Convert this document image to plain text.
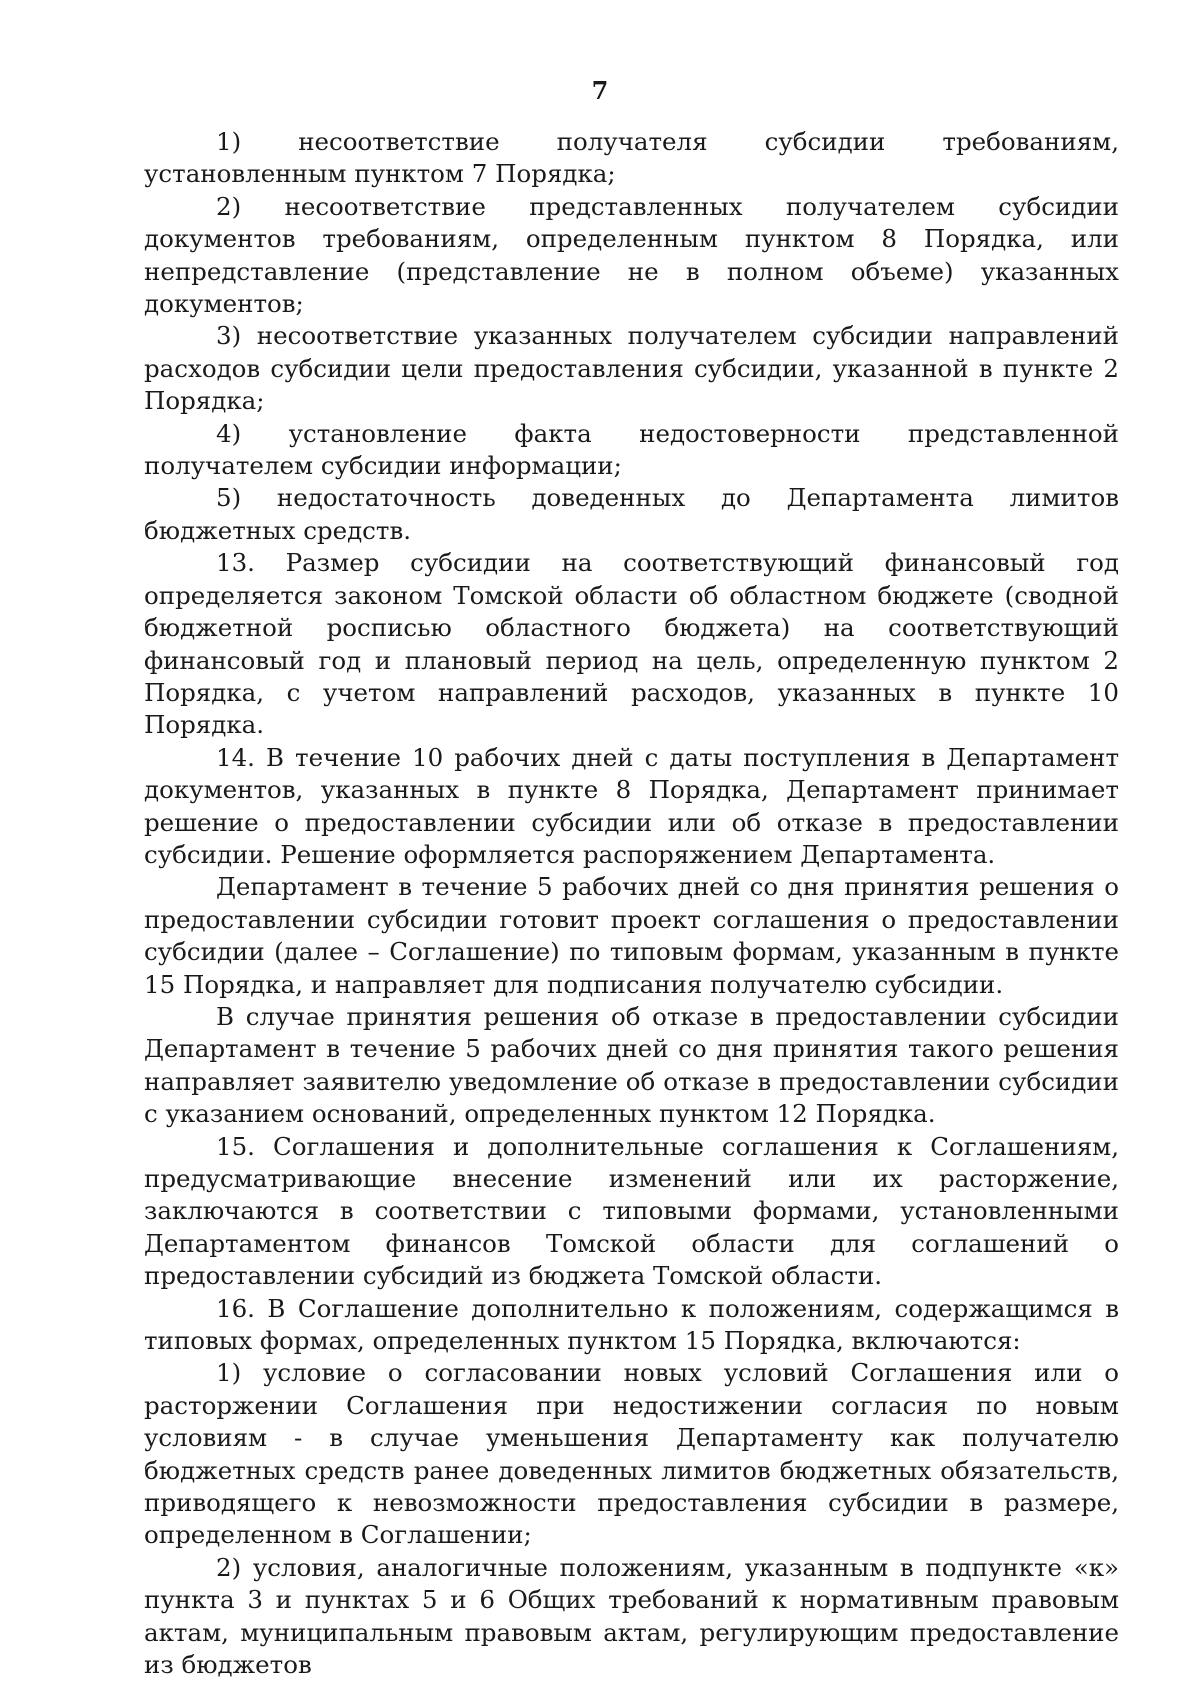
7

1) несоответствие получателя субсидии требованиям, установленным пунктом 7 Порядка;

2) несоответствие представленных получателем субсидии документов требованиям, определенным пунктом 8 Порядка, или непредставление (представление не в полном объеме) указанных документов;

3) несоответствие указанных получателем субсидии направлений расходов субсидии цели предоставления субсидии, указанной в пункте 2 Порядка;

4) установление факта недостоверности представленной получателем субсидии информации;

5) недостаточность доведенных до Департамента лимитов бюджетных средств.

13. Размер субсидии на соответствующий финансовый год определяется законом Томской области об областном бюджете (сводной бюджетной росписью областного бюджета) на соответствующий финансовый год и плановый период на цель, определенную пунктом 2 Порядка, с учетом направлений расходов, указанных в пункте 10 Порядка.

14. В течение 10 рабочих дней с даты поступления в Департамент документов, указанных в пункте 8 Порядка, Департамент принимает решение о предоставлении субсидии или об отказе в предоставлении субсидии. Решение оформляется распоряжением Департамента.

Департамент в течение 5 рабочих дней со дня принятия решения о предоставлении субсидии готовит проект соглашения о предоставлении субсидии (далее – Соглашение) по типовым формам, указанным в пункте 15 Порядка, и направляет для подписания получателю субсидии.

В случае принятия решения об отказе в предоставлении субсидии Департамент в течение 5 рабочих дней со дня принятия такого решения направляет заявителю уведомление об отказе в предоставлении субсидии с указанием оснований, определенных пунктом 12 Порядка.

15. Соглашения и дополнительные соглашения к Соглашениям, предусматривающие внесение изменений или их расторжение, заключаются в соответствии с типовыми формами, установленными Департаментом финансов Томской области для соглашений о предоставлении субсидий из бюджета Томской области.

16. В Соглашение дополнительно к положениям, содержащимся в типовых формах, определенных пунктом 15 Порядка, включаются:

1) условие о согласовании новых условий Соглашения или о расторжении Соглашения при недостижении согласия по новым условиям - в случае уменьшения Департаменту как получателю бюджетных средств ранее доведенных лимитов бюджетных обязательств, приводящего к невозможности предоставления субсидии в размере, определенном в Соглашении;

2) условия, аналогичные положениям, указанным в подпункте «к» пункта 3 и пунктах 5 и 6 Общих требований к нормативным правовым актам, муниципальным правовым актам, регулирующим предоставление из бюджетов
